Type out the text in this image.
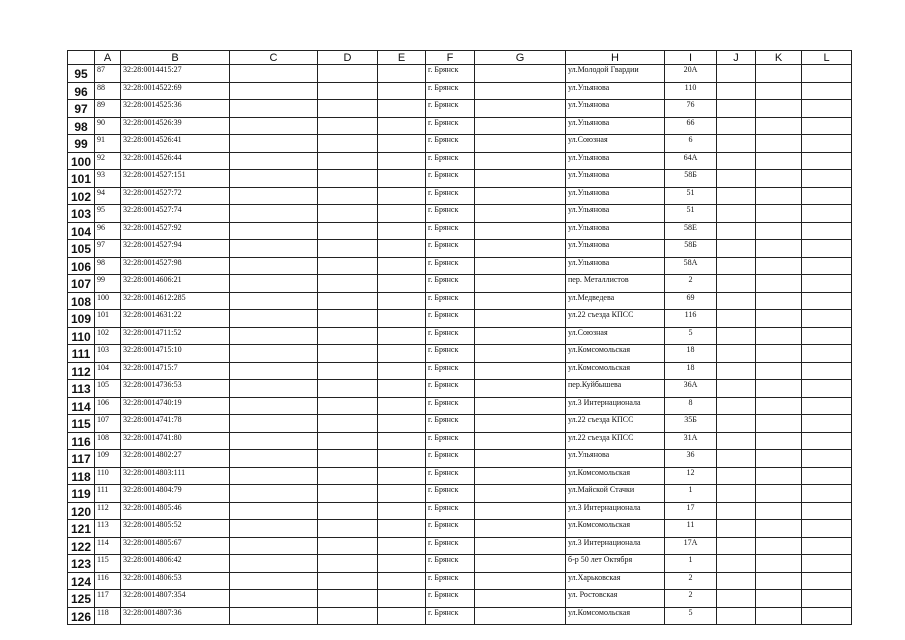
	A	B	C	D	E	F	G	H	I	J	K	L
95	87	32:28:0014415:27				г. Брянск		ул.Молодой Гвардии	20А			
96	88	32:28:0014522:69				г. Брянск		ул.Ульянова	110			
97	89	32:28:0014525:36				г. Брянск		ул.Ульянова	76			
98	90	32:28:0014526:39				г. Брянск		ул.Ульянова	66			
99	91	32:28:0014526:41				г. Брянск		ул.Союзная	6			
100	92	32:28:0014526:44				г. Брянск		ул.Ульянова	64А			
101	93	32:28:0014527:151				г. Брянск		ул.Ульянова	58Б			
102	94	32:28:0014527:72				г. Брянск		ул.Ульянова	51			
103	95	32:28:0014527:74				г. Брянск		ул.Ульянова	51			
104	96	32:28:0014527:92				г. Брянск		ул.Ульянова	58Е			
105	97	32:28:0014527:94				г. Брянск		ул.Ульянова	58Б			
106	98	32:28:0014527:98				г. Брянск		ул.Ульянова	58А			
107	99	32:28:0014606:21				г. Брянск		пер. Металлистов	2			
108	100	32:28:0014612:285				г. Брянск		ул.Медведева	69			
109	101	32:28:0014631:22				г. Брянск		ул.22 съезда КПСС	116			
110	102	32:28:0014711:52				г. Брянск		ул.Союзная	5			
111	103	32:28:0014715:10				г. Брянск		ул.Комсомольская	18			
112	104	32:28:0014715:7				г. Брянск		ул.Комсомольская	18			
113	105	32:28:0014736:53				г. Брянск		пер.Куйбышева	36А			
114	106	32:28:0014740:19				г. Брянск		ул.3 Интернационала	8			
115	107	32:28:0014741:78				г. Брянск		ул.22 съезда КПСС	35Б			
116	108	32:28:0014741:80				г. Брянск		ул.22 съезда КПСС	31А			
117	109	32:28:0014802:27				г. Брянск		ул.Ульянова	36			
118	110	32:28:0014803:111				г. Брянск		ул.Комсомольская	12			
119	111	32:28:0014804:79				г. Брянск		ул.Майской Стачки	1			
120	112	32:28:0014805:46				г. Брянск		ул.3 Интернационала	17			
121	113	32:28:0014805:52				г. Брянск		ул.Комсомольская	11			
122	114	32:28:0014805:67				г. Брянск		ул.3 Интернационала	17А			
123	115	32:28:0014806:42				г. Брянск		б-р 50 лет Октября	1			
124	116	32:28:0014806:53				г. Брянск		ул.Харьковская	2			
125	117	32:28:0014807:354				г. Брянск		ул. Ростовская	2			
126	118	32:28:0014807:36				г. Брянск		ул.Комсомольская	5			
